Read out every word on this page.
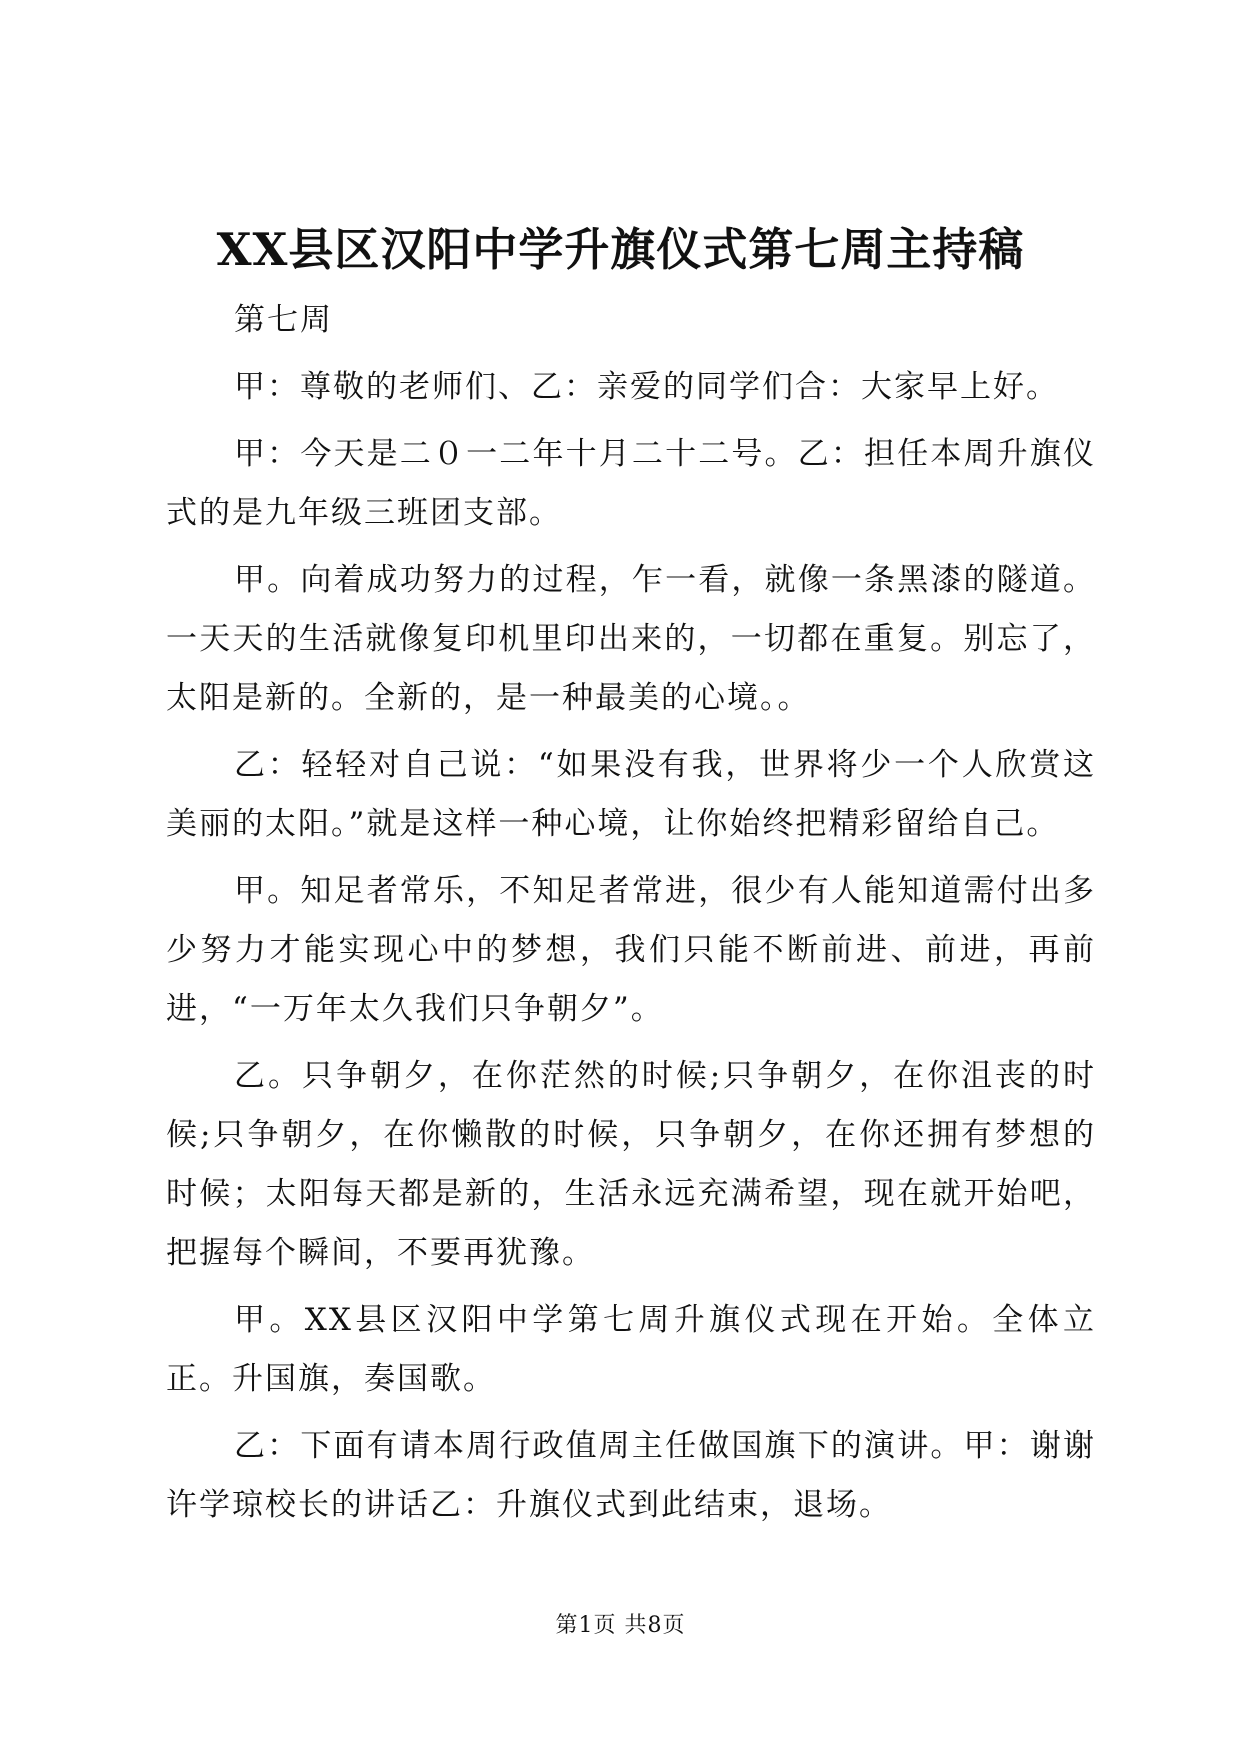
XX县区汉阳中学升旗仪式第七周主持稿

第七周

甲：尊敬的老师们、乙：亲爱的同学们合：大家早上好。

甲：今天是二０一二年十月二十二号。乙：担任本周升旗仪式的是九年级三班团支部。

甲。向着成功努力的过程，乍一看，就像一条黑漆的隧道。一天天的生活就像复印机里印出来的，一切都在重复。别忘了，太阳是新的。全新的，是一种最美的心境。。

乙：轻轻对自己说：“如果没有我，世界将少一个人欣赏这美丽的太阳。”就是这样一种心境，让你始终把精彩留给自己。

甲。知足者常乐，不知足者常进，很少有人能知道需付出多少努力才能实现心中的梦想，我们只能不断前进、前进，再前进，“一万年太久我们只争朝夕”。

乙。只争朝夕，在你茫然的时候;只争朝夕，在你沮丧的时候;只争朝夕，在你懒散的时候，只争朝夕，在你还拥有梦想的时候；太阳每天都是新的，生活永远充满希望，现在就开始吧，把握每个瞬间，不要再犹豫。

甲。XX县区汉阳中学第七周升旗仪式现在开始。全体立正。升国旗，奏国歌。

乙：下面有请本周行政值周主任做国旗下的演讲。甲：谢谢许学琼校长的讲话乙：升旗仪式到此结束，退场。

第1页 共8页
